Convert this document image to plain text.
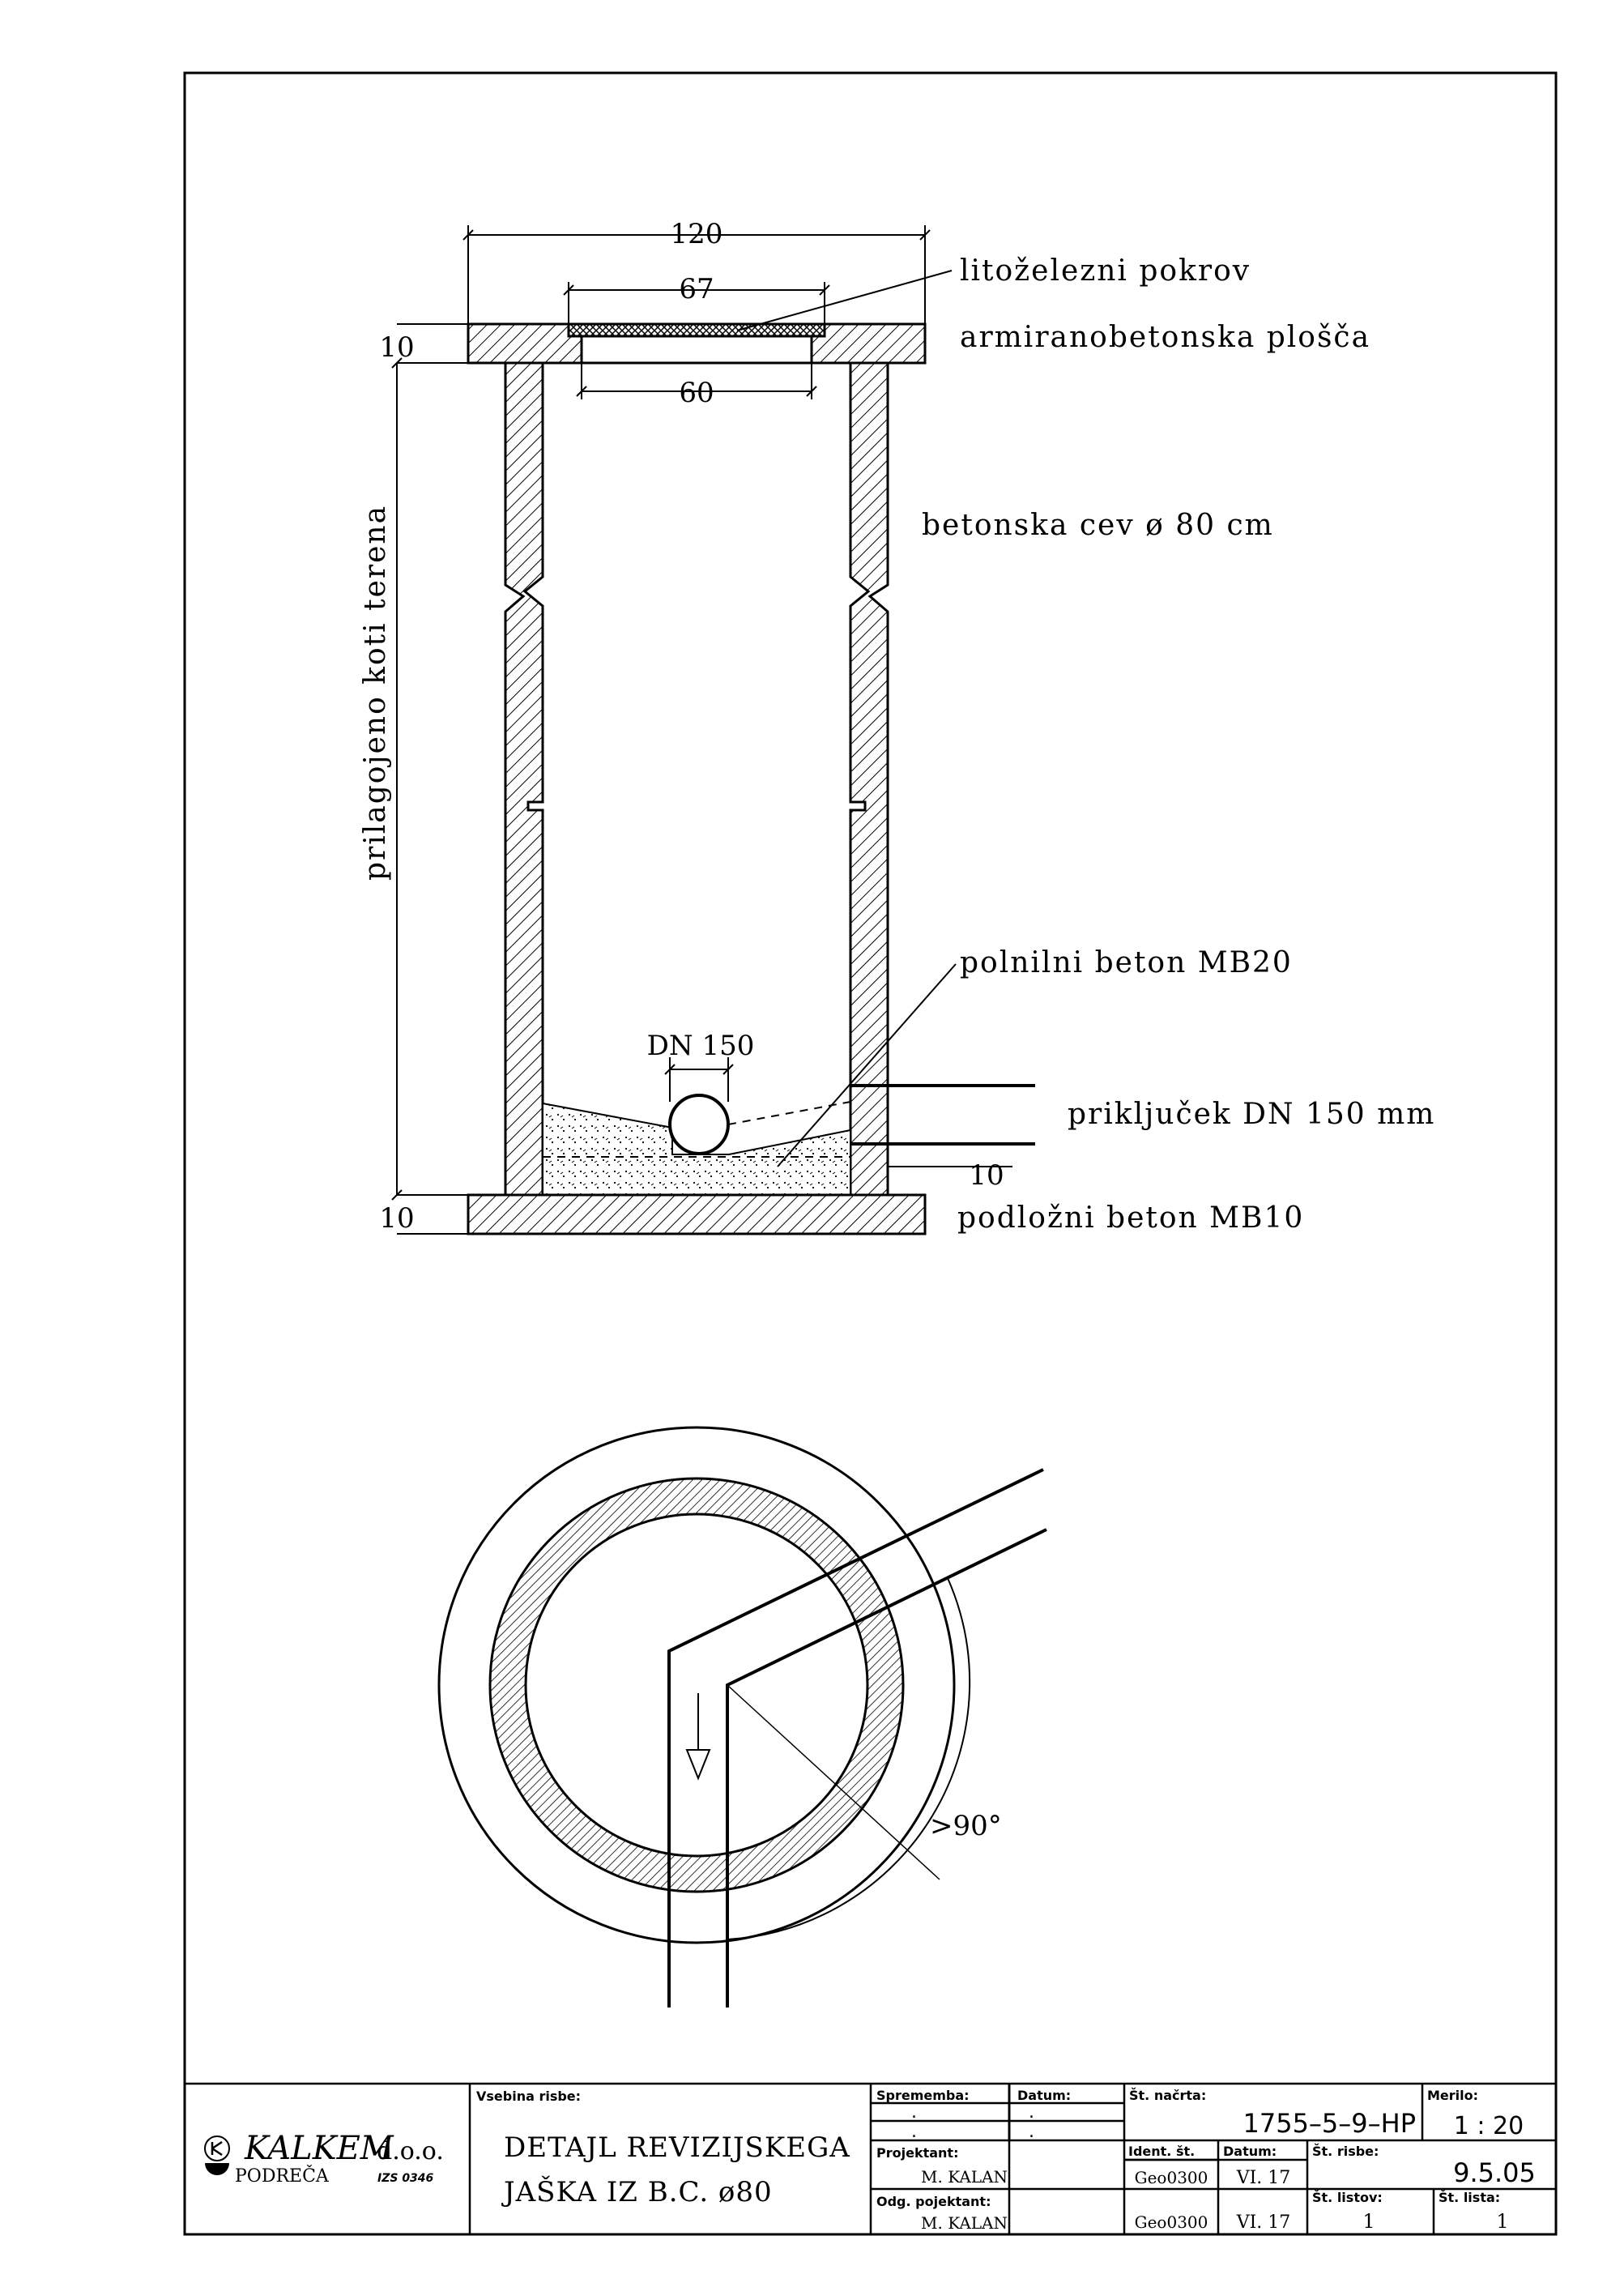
120
67
60
10
10
DN 150
10
prilagojeno koti terena
litoželezni pokrov
armiranobetonska plošča
betonska cev ø 80 cm
polnilni beton MB20
priključek DN 150 mm
podložni beton MB10
>90°
KALKEM
d.o.o.
PODREČA	IZS 0346
Vsebina risbe:
DETAJL REVIZIJSKEGA
JAŠKA IZ B.C. ø80
Sprememba:	Datum:
.
.
.
.
Projektant:
M. KALAN
Odg. pojektant:
M. KALAN
Št. načrta:
1755–5–9–HP
Merilo:
1 : 20
Ident. št. Datum:
Geo0300 VI. 17
Geo0300 VI. 17
Št. risbe:
9.5.05
Št. listov:
1
Št. lista:
1
